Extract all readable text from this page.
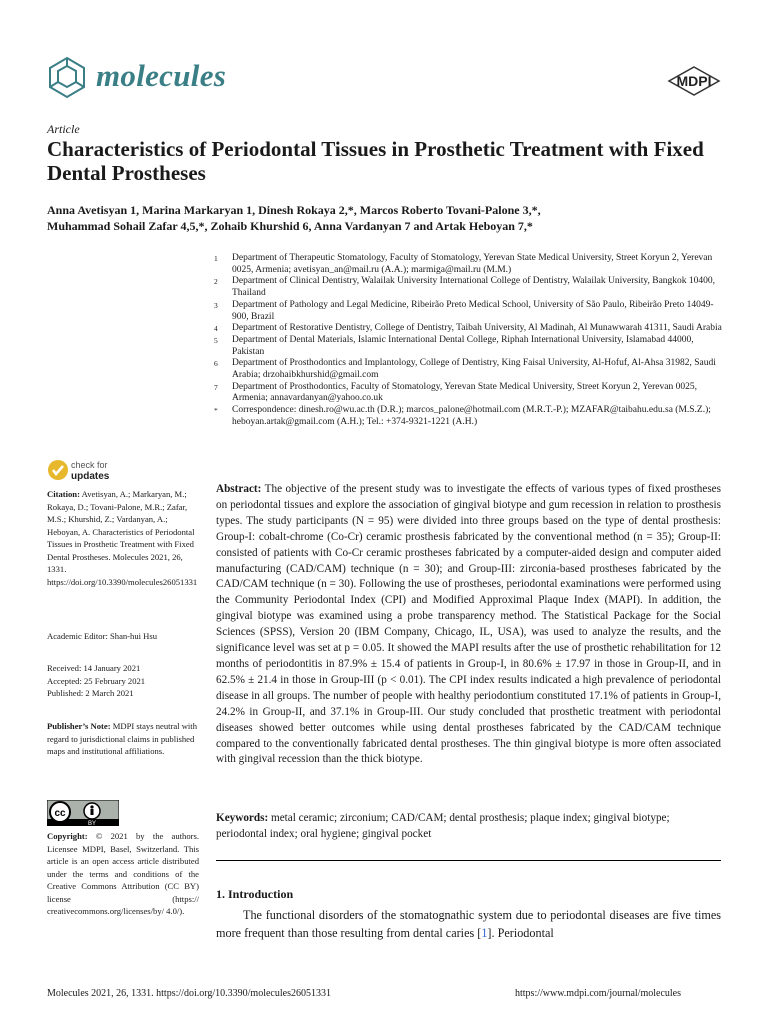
molecules	MDPI
Article
Characteristics of Periodontal Tissues in Prosthetic Treatment with Fixed Dental Prostheses
Anna Avetisyan 1, Marina Markaryan 1, Dinesh Rokaya 2,*, Marcos Roberto Tovani-Palone 3,*,
Muhammad Sohail Zafar 4,5,*, Zohaib Khurshid 6, Anna Vardanyan 7 and Artak Heboyan 7,*
1	Department of Therapeutic Stomatology, Faculty of Stomatology, Yerevan State Medical University, Street Koryun 2, Yerevan 0025, Armenia; avetisyan_an@mail.ru (A.A.); marmiga@mail.ru (M.M.)
2	Department of Clinical Dentistry, Walailak University International College of Dentistry, Walailak University, Bangkok 10400, Thailand
3	Department of Pathology and Legal Medicine, Ribeirão Preto Medical School, University of São Paulo, Ribeirão Preto 14049-900, Brazil
4	Department of Restorative Dentistry, College of Dentistry, Taibah University, Al Madinah, Al Munawwarah 41311, Saudi Arabia
5	Department of Dental Materials, Islamic International Dental College, Riphah International University, Islamabad 44000, Pakistan
6	Department of Prosthodontics and Implantology, College of Dentistry, King Faisal University, Al-Hofuf, Al-Ahsa 31982, Saudi Arabia; drzohaibkhurshid@gmail.com
7	Department of Prosthodontics, Faculty of Stomatology, Yerevan State Medical University, Street Koryun 2, Yerevan 0025, Armenia; annavardanyan@yahoo.co.uk
*	Correspondence: dinesh.ro@wu.ac.th (D.R.); marcos_palone@hotmail.com (M.R.T.-P.); MZAFAR@taibahu.edu.sa (M.S.Z.); heboyan.artak@gmail.com (A.H.); Tel.: +374-9321-1221 (A.H.)
check for
updates
Citation: Avetisyan, A.; Markaryan, M.; Rokaya, D.; Tovani-Palone, M.R.; Zafar, M.S.; Khurshid, Z.; Vardanyan, A.; Heboyan, A. Characteristics of Periodontal Tissues in Prosthetic Treatment with Fixed Dental Prostheses. Molecules 2021, 26, 1331. https://doi.org/10.3390/molecules26051331
Academic Editor: Shan-hui Hsu
Received: 14 January 2021
Accepted: 25 February 2021
Published: 2 March 2021
Publisher’s Note: MDPI stays neutral with regard to jurisdictional claims in published maps and institutional affiliations.
cc
BY
Copyright: © 2021 by the authors. Licensee MDPI, Basel, Switzerland. This article is an open access article distributed under the terms and conditions of the Creative Commons Attribution (CC BY) license (https:// creativecommons.org/licenses/by/ 4.0/).
Abstract: The objective of the present study was to investigate the effects of various types of fixed prostheses on periodontal tissues and explore the association of gingival biotype and gum recession in relation to prosthesis types. The study participants (N = 95) were divided into three groups based on the type of dental prosthesis: Group-I: cobalt-chrome (Co-Cr) ceramic prosthesis fabricated by the conventional method (n = 35); Group-II: consisted of patients with Co-Cr ceramic prostheses fabricated by a computer-aided design and computer aided manufacturing (CAD/CAM) technique (n = 30); and Group-III: zirconia-based prostheses fabricated by the CAD/CAM technique (n = 30). Following the use of prostheses, periodontal examinations were performed using the Community Periodontal Index (CPI) and Modified Approximal Plaque Index (MAPI). In addition, the gingival biotype was examined using a probe transparency method. The Statistical Package for the Social Sciences (SPSS), Version 20 (IBM Company, Chicago, IL, USA), was used to analyze the results, and the significance level was set at p = 0.05. It showed the MAPI results after the use of prosthetic rehabilitation for 12 months of periodontitis in 87.9% ± 15.4 of patients in Group-I, in 80.6% ± 17.97 in those in Group-II, and in 62.5% ± 21.4 in those in Group-III (p < 0.01). The CPI index results indicated a high prevalence of periodontal disease in all groups. The number of people with healthy periodontium constituted 17.1% of patients in Group-I, 24.2% in Group-II, and 37.1% in Group-III. Our study concluded that prosthetic treatment with periodontal diseases showed better outcomes while using dental prostheses fabricated by the CAD/CAM technique compared to the conventionally fabricated dental prostheses. The thin gingival biotype is more often associated with gingival recession than the thick biotype.
Keywords: metal ceramic; zirconium; CAD/CAM; dental prosthesis; plaque index; gingival biotype; periodontal index; oral hygiene; gingival pocket
1. Introduction
The functional disorders of the stomatognathic system due to periodontal diseases are five times more frequent than those resulting from dental caries [1]. Periodontal
Molecules 2021, 26, 1331. https://doi.org/10.3390/molecules26051331	https://www.mdpi.com/journal/molecules
